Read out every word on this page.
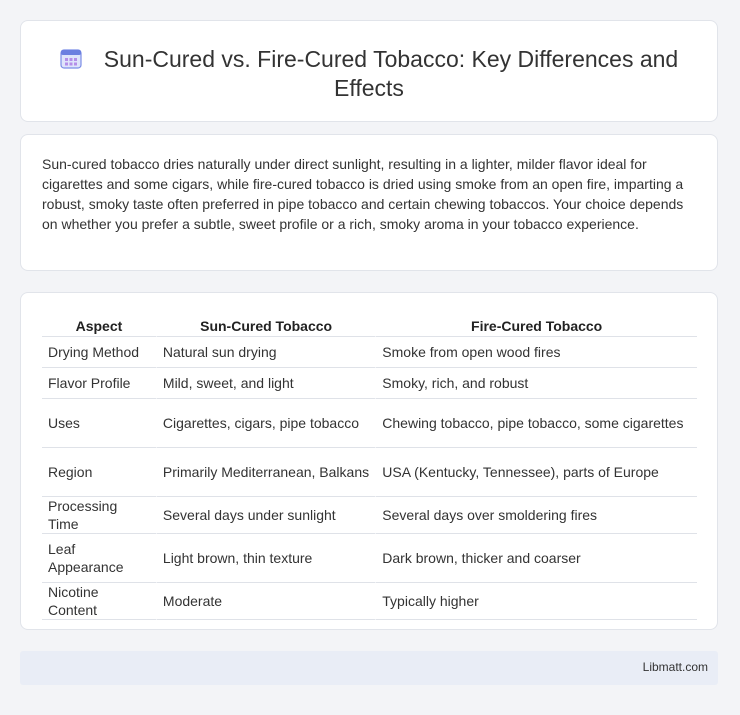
Sun-Cured vs. Fire-Cured Tobacco: Key Differences and Effects

Sun-cured tobacco dries naturally under direct sunlight, resulting in a lighter, milder flavor ideal for cigarettes and some cigars, while fire-cured tobacco is dried using smoke from an open fire, imparting a robust, smoky taste often preferred in pipe tobacco and certain chewing tobaccos. Your choice depends on whether you prefer a subtle, sweet profile or a rich, smoky aroma in your tobacco experience.

Aspect	Sun-Cured Tobacco	Fire-Cured Tobacco
Drying Method	Natural sun drying	Smoke from open wood fires
Flavor Profile	Mild, sweet, and light	Smoky, rich, and robust
Uses	Cigarettes, cigars, pipe tobacco	Chewing tobacco, pipe tobacco, some cigarettes
Region	Primarily Mediterranean, Balkans	USA (Kentucky, Tennessee), parts of Europe
Processing Time	Several days under sunlight	Several days over smoldering fires
Leaf Appearance	Light brown, thin texture	Dark brown, thicker and coarser
Nicotine Content	Moderate	Typically higher
Libmatt.com
